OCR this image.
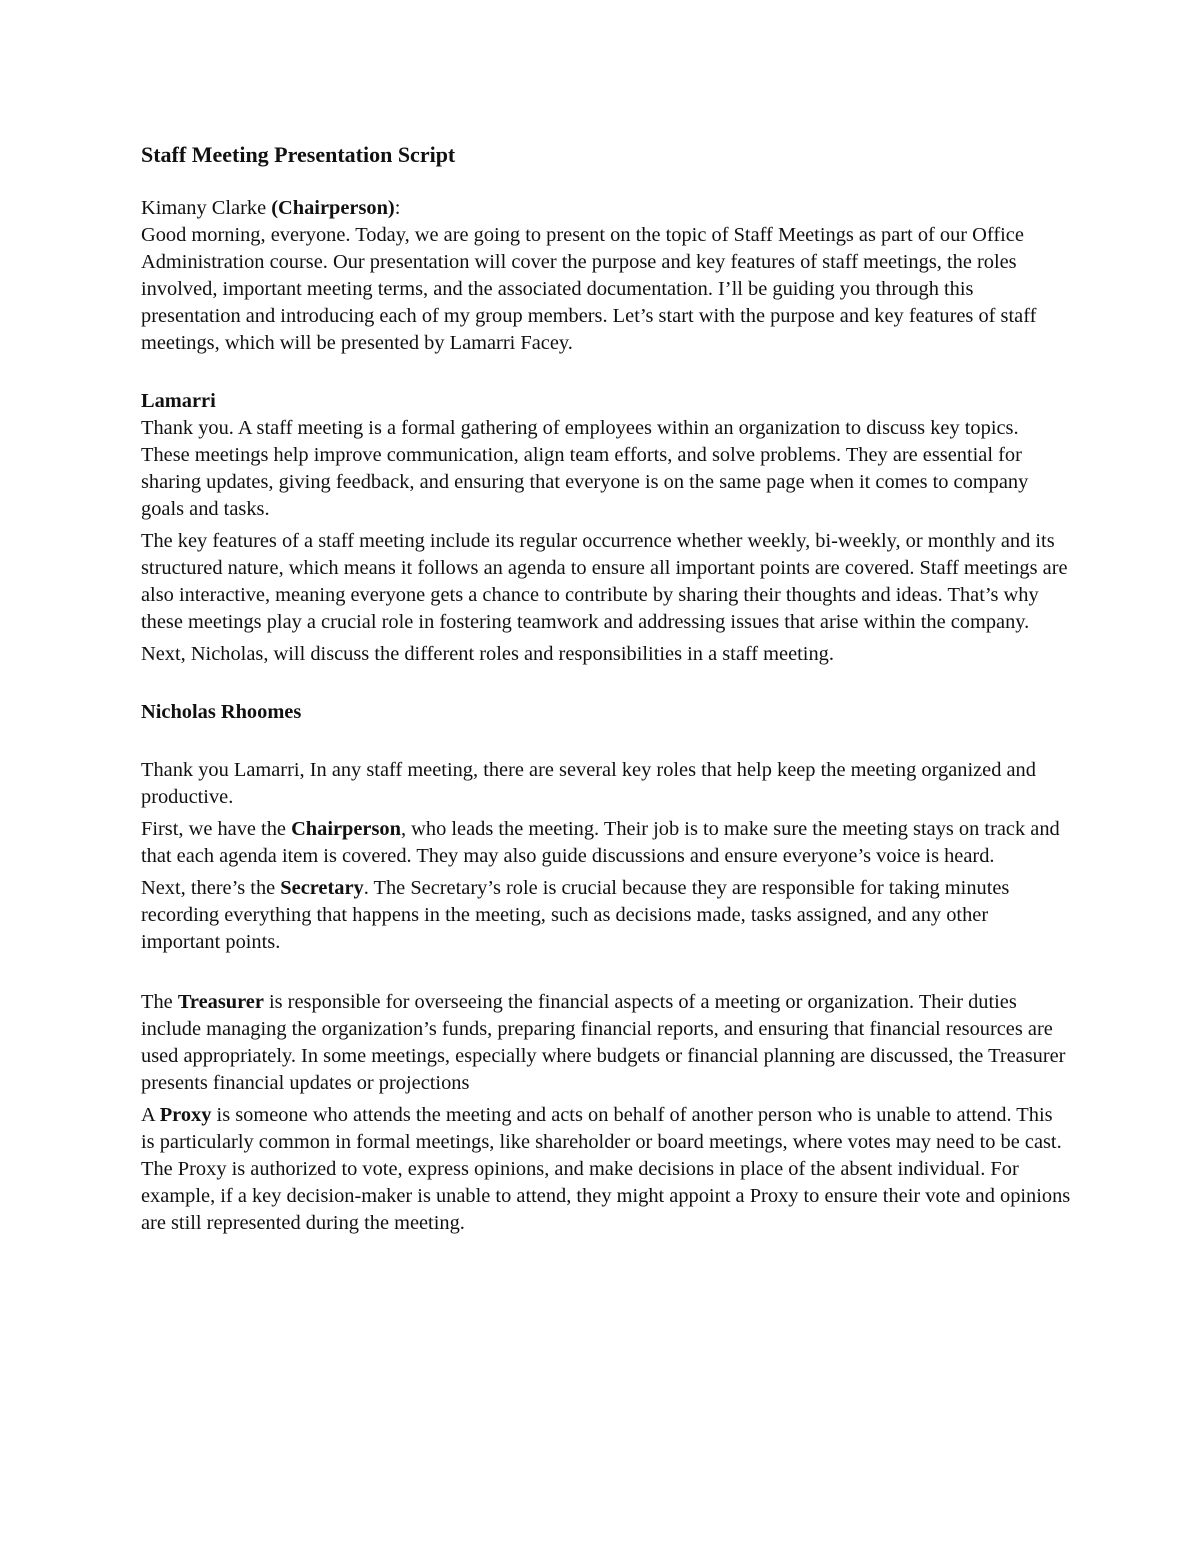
Staff Meeting Presentation Script

Kimany Clarke (Chairperson):

Good morning, everyone. Today, we are going to present on the topic of Staff Meetings as part of our Office Administration course. Our presentation will cover the purpose and key features of staff meetings, the roles involved, important meeting terms, and the associated documentation. I’ll be guiding you through this presentation and introducing each of my group members. Let’s start with the purpose and key features of staff meetings, which will be presented by Lamarri Facey.

Lamarri

Thank you. A staff meeting is a formal gathering of employees within an organization to discuss key topics. These meetings help improve communication, align team efforts, and solve problems. They are essential for sharing updates, giving feedback, and ensuring that everyone is on the same page when it comes to company goals and tasks.

The key features of a staff meeting include its regular occurrence whether weekly, bi-weekly, or monthly and its structured nature, which means it follows an agenda to ensure all important points are covered. Staff meetings are also interactive, meaning everyone gets a chance to contribute by sharing their thoughts and ideas. That’s why these meetings play a crucial role in fostering teamwork and addressing issues that arise within the company.

Next, Nicholas, will discuss the different roles and responsibilities in a staff meeting.

Nicholas Rhoomes

Thank you Lamarri, In any staff meeting, there are several key roles that help keep the meeting organized and productive.

First, we have the Chairperson, who leads the meeting. Their job is to make sure the meeting stays on track and that each agenda item is covered. They may also guide discussions and ensure everyone’s voice is heard.

Next, there’s the Secretary. The Secretary’s role is crucial because they are responsible for taking minutes recording everything that happens in the meeting, such as decisions made, tasks assigned, and any other important points.

The Treasurer is responsible for overseeing the financial aspects of a meeting or organization. Their duties include managing the organization’s funds, preparing financial reports, and ensuring that financial resources are used appropriately. In some meetings, especially where budgets or financial planning are discussed, the Treasurer presents financial updates or projections

A Proxy is someone who attends the meeting and acts on behalf of another person who is unable to attend. This is particularly common in formal meetings, like shareholder or board meetings, where votes may need to be cast. The Proxy is authorized to vote, express opinions, and make decisions in place of the absent individual. For example, if a key decision-maker is unable to attend, they might appoint a Proxy to ensure their vote and opinions are still represented during the meeting.
